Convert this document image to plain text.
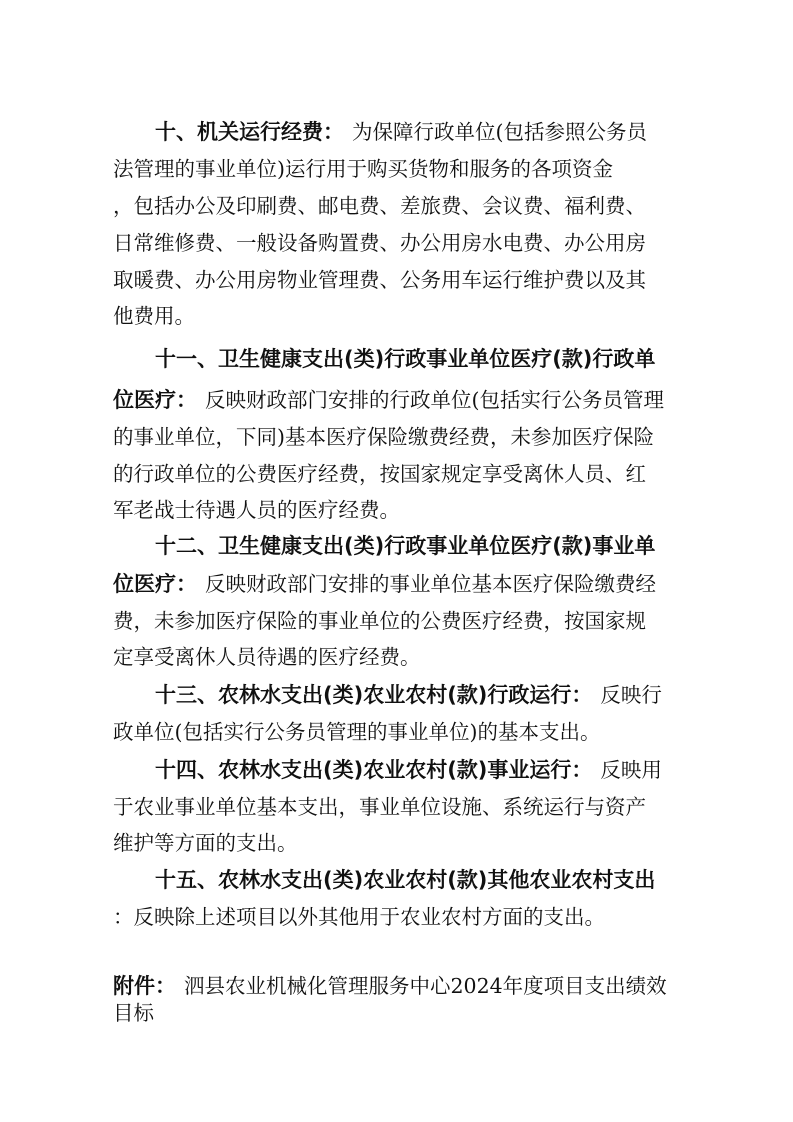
十、机关运行经费： 为保障行政单位(包括参照公务员
法管理的事业单位)运行用于购买货物和服务的各项资金
，包括办公及印刷费、邮电费、差旅费、会议费、福利费、
日常维修费、一般设备购置费、办公用房水电费、办公用房
取暖费、办公用房物业管理费、公务用车运行维护费以及其
他费用。
十一、卫生健康支出(类)行政事业单位医疗(款)行政单
位医疗： 反映财政部门安排的行政单位(包括实行公务员管理
的事业单位，下同)基本医疗保险缴费经费，未参加医疗保险
的行政单位的公费医疗经费，按国家规定享受离休人员、红
军老战士待遇人员的医疗经费。
十二、卫生健康支出(类)行政事业单位医疗(款)事业单
位医疗： 反映财政部门安排的事业单位基本医疗保险缴费经
费，未参加医疗保险的事业单位的公费医疗经费，按国家规
定享受离休人员待遇的医疗经费。
十三、农林水支出(类)农业农村(款)行政运行： 反映行
政单位(包括实行公务员管理的事业单位)的基本支出。
十四、农林水支出(类)农业农村(款)事业运行： 反映用
于农业事业单位基本支出，事业单位设施、系统运行与资产
维护等方面的支出。
十五、农林水支出(类)农业农村(款)其他农业农村支出
：反映除上述项目以外其他用于农业农村方面的支出。
附件： 泗县农业机械化管理服务中心2024年度项目支出绩效
目标
